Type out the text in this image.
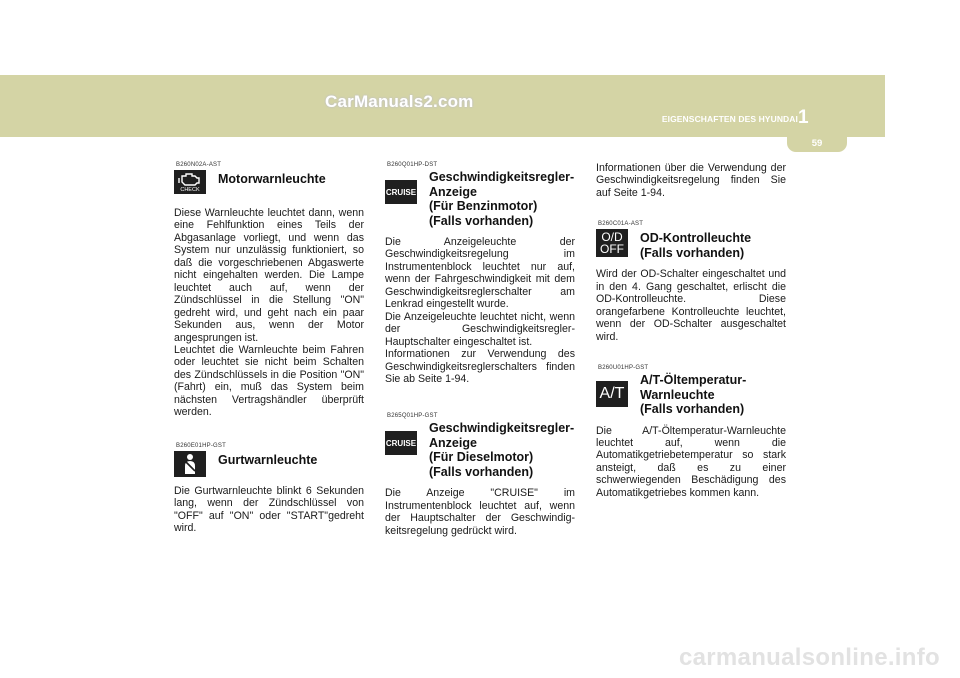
CarManuals2.com
EIGENSCHAFTEN DES HYUNDAI 1
59
B260N02A-AST
CHECK
Motorwarnleuchte
Diese Warnleuchte leuchtet dann, wenn eine Fehlfunktion eines Teils der Abgasanlage vorliegt, und wenn das System nur unzulässig funktioniert, so daß die vorgeschriebenen Abgaswerte nicht eingehalten werden. Die Lampe leuchtet auch auf, wenn der Zündschlüssel in die Stellung "ON" gedreht wird, und geht nach ein paar Sekunden aus, wenn der Motor angesprungen ist.
Leuchtet die Warnleuchte beim Fahren oder leuchtet sie nicht beim Schalten des Zündschlüssels in die Position "ON" (Fahrt) ein, muß das System beim nächsten Vertragshändler überprüft werden.
B260E01HP-GST
Gurtwarnleuchte
Die Gurtwarnleuchte blinkt 6 Sekunden lang, wenn der Zündschlüssel von "OFF" auf "ON" oder "START"gedreht wird.
B260Q01HP-DST
CRUISE
Geschwindigkeitsregler-
Anzeige
(Für Benzinmotor)
(Falls vorhanden)
Die Anzeigeleuchte der Geschwindigkeitsregelung im Instrumentenblock leuchtet nur auf, wenn der Fahrgeschwindigkeit mit dem Geschwindigkeitsreglerschalter am Lenkrad eingestellt wurde.
Die Anzeigeleuchte leuchtet nicht, wenn der Geschwindigkeitsregler-Hauptschalter eingeschaltet ist.
Informationen zur Verwendung des Geschwindigkeitsreglerschalters finden Sie ab Seite 1-94.
B265Q01HP-GST
CRUISE
Geschwindigkeitsregler-
Anzeige
(Für Dieselmotor)
(Falls vorhanden)
Die Anzeige "CRUISE" im Instrumentenblock leuchtet auf, wenn der Hauptschalter der Geschwindig-keitsregelung gedrückt wird.
Informationen über die Verwendung der Geschwindigkeitsregelung finden Sie auf Seite 1-94.
B260C01A-AST
O/D
OFF
OD-Kontrolleuchte
(Falls vorhanden)
Wird der OD-Schalter eingeschaltet und in den 4. Gang geschaltet, erlischt die OD-Kontrolleuchte. Diese orangefarbene Kontrolleuchte leuchtet, wenn der OD-Schalter ausgeschaltet wird.
B260U01HP-GST
A/T
A/T-Öltemperatur-
Warnleuchte
(Falls vorhanden)
Die A/T-Öltemperatur-Warnleuchte leuchtet auf, wenn die Automatikgetriebetemperatur so stark ansteigt, daß es zu einer schwerwiegenden Beschädigung des Automatikgetriebes kommen kann.
carmanualsonline.info
